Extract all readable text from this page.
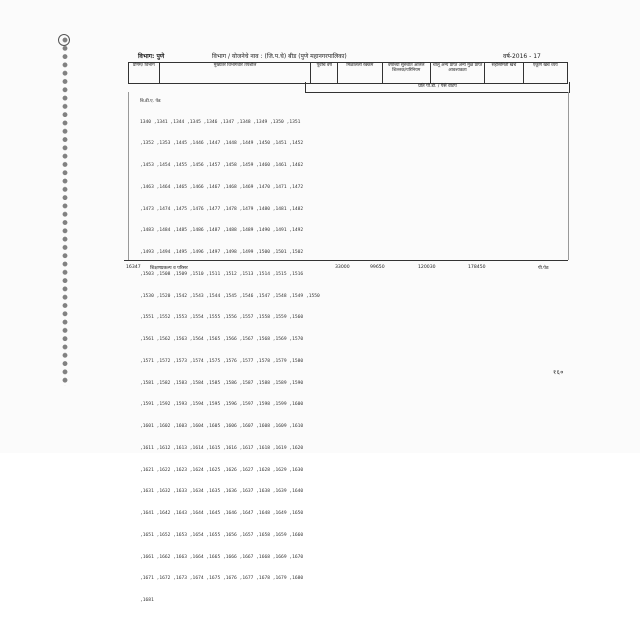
विभाग: पुणे	विभाग / योजनेचे नाव : (जि.प.चे) बीड (पुणे महानगरपालिका)	वर्ष-2016 - 17
प्रोगम/ विभाग	मुख्यतर विभागवार तपशील	पूर्वीचे वर्ष	मिळालेली रक्कम	वर्षाच्या सुरुवात आलेले शिल्लक/परिनियम	चालू अन्य प्राप्त अन्य मुळ प्राप्त आवश्यकता	सहीसमिती खर्च	एकूण खर्च व्यय
प्रति पी.डी. / पैसे वाटप
बि.डी.ए. पेड

1340 ,1341 ,1344 ,1345 ,1346 ,1347 ,1348 ,1349 ,1350 ,1351

,1352 ,1353 ,1445 ,1446 ,1447 ,1448 ,1449 ,1450 ,1451 ,1452

,1453 ,1454 ,1455 ,1456 ,1457 ,1458 ,1459 ,1460 ,1461 ,1462

,1463 ,1464 ,1465 ,1466 ,1467 ,1468 ,1469 ,1470 ,1471 ,1472

,1473 ,1474 ,1475 ,1476 ,1477 ,1478 ,1479 ,1480 ,1481 ,1482

,1483 ,1484 ,1485 ,1486 ,1487 ,1488 ,1489 ,1490 ,1491 ,1492

,1493 ,1494 ,1495 ,1496 ,1497 ,1498 ,1499 ,1500 ,1501 ,1502

,1503 ,1508 ,1509 ,1510 ,1511 ,1512 ,1513 ,1514 ,1515 ,1516

,1530 ,1520 ,1542 ,1543 ,1544 ,1545 ,1546 ,1547 ,1548 ,1549 ,1550

,1551 ,1552 ,1553 ,1554 ,1555 ,1556 ,1557 ,1558 ,1559 ,1560

,1561 ,1562 ,1563 ,1564 ,1565 ,1566 ,1567 ,1568 ,1569 ,1570

,1571 ,1572 ,1573 ,1574 ,1575 ,1576 ,1577 ,1578 ,1579 ,1580

,1581 ,1582 ,1583 ,1584 ,1585 ,1586 ,1587 ,1588 ,1589 ,1590

,1591 ,1592 ,1593 ,1594 ,1595 ,1596 ,1597 ,1598 ,1599 ,1600

,1601 ,1602 ,1603 ,1604 ,1605 ,1606 ,1607 ,1608 ,1609 ,1610

,1611 ,1612 ,1613 ,1614 ,1615 ,1616 ,1617 ,1618 ,1619 ,1620

,1621 ,1622 ,1623 ,1624 ,1625 ,1626 ,1627 ,1628 ,1629 ,1630

,1631 ,1632 ,1633 ,1634 ,1635 ,1636 ,1637 ,1638 ,1639 ,1640

,1641 ,1642 ,1643 ,1644 ,1645 ,1646 ,1647 ,1648 ,1649 ,1650

,1651 ,1652 ,1653 ,1654 ,1655 ,1656 ,1657 ,1658 ,1659 ,1660

,1661 ,1662 ,1663 ,1664 ,1665 ,1666 ,1667 ,1668 ,1669 ,1670

,1671 ,1672 ,1673 ,1674 ,1675 ,1676 ,1677 ,1678 ,1679 ,1680

,1681

16347 शिक्षणप्रकल्प व परिसर	33000	99650	120030	178450	पी.पेठ
१६०
